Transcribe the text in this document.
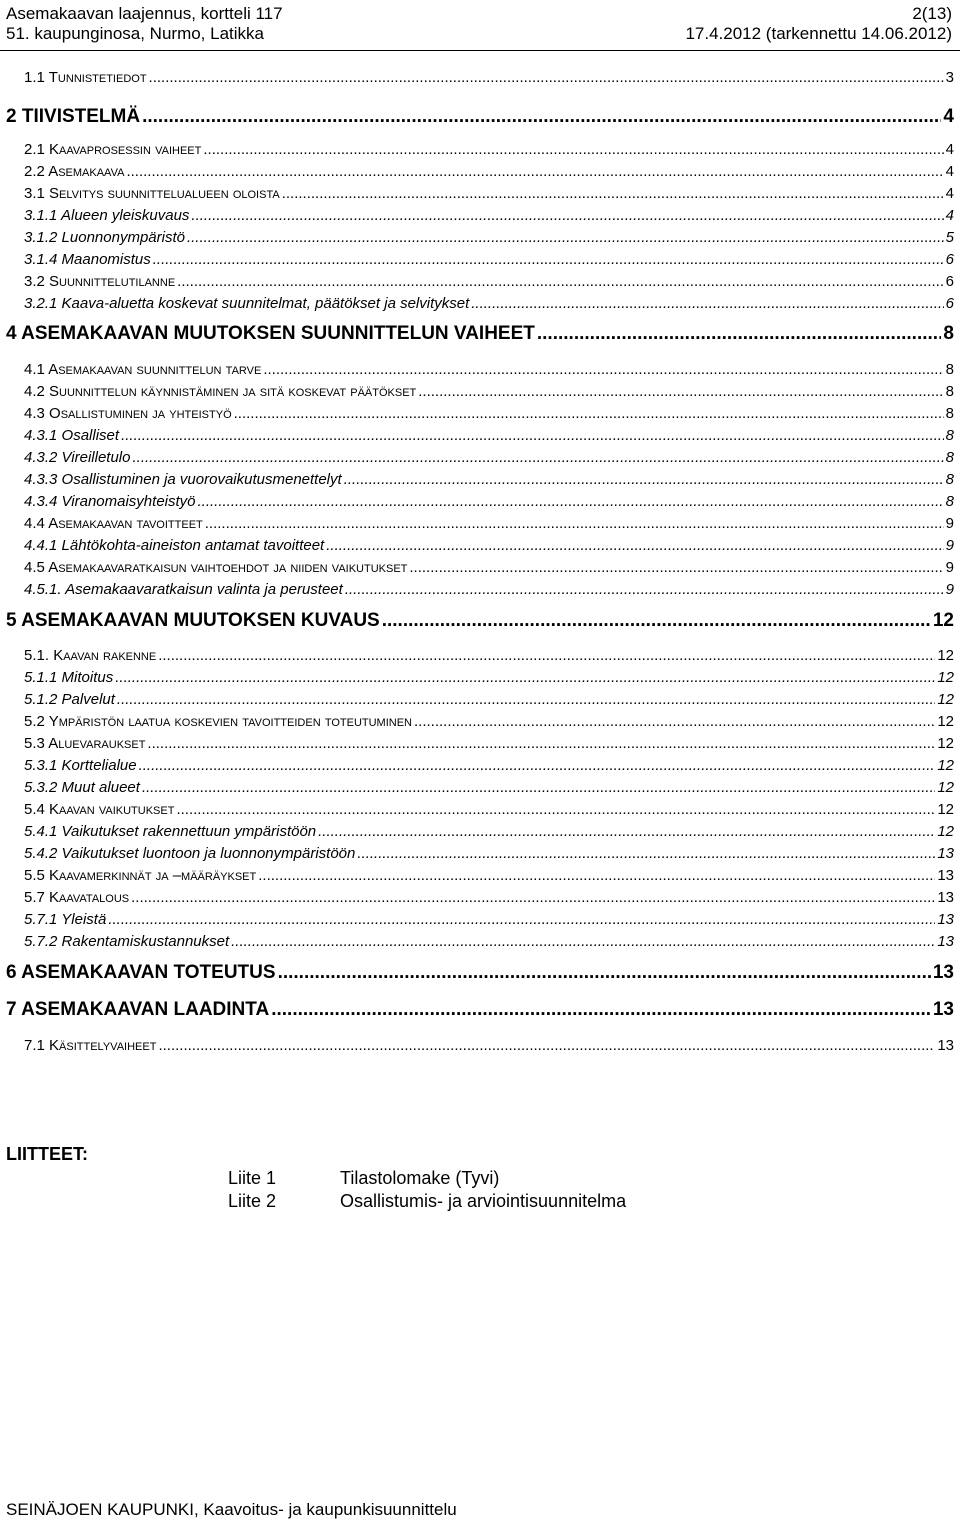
Asemakaavan laajennus, kortteli 117	2(13)
51. kaupunginosa, Nurmo, Latikka	17.4.2012 (tarkennettu 14.06.2012)
1.1 Tunnistetiedot .....	3
2 TIIVISTELMÄ .....	4
2.1 Kaavaprosessin vaiheet .....	4
2.2 Asemakaava .....	4
3.1 Selvitys suunnittelualueen oloista .....	4
3.1.1 Alueen yleiskuvaus .....	4
3.1.2 Luonnonympäristö .....	5
3.1.4 Maanomistus .....	6
3.2 Suunnittelutilanne .....	6
3.2.1 Kaava-aluetta koskevat suunnitelmat, päätökset ja selvitykset .....	6
4 ASEMAKAAVAN MUUTOKSEN SUUNNITTELUN VAIHEET .....	8
4.1 Asemakaavan suunnittelun tarve .....	8
4.2 Suunnittelun käynnistäminen ja sitä koskevat päätökset .....	8
4.3 Osallistuminen ja yhteistyö .....	8
4.3.1 Osalliset .....	8
4.3.2 Vireilletulo .....	8
4.3.3 Osallistuminen ja vuorovaikutusmenettelyt .....	8
4.3.4 Viranomaisyhteistyö .....	8
4.4 Asemakaavan tavoitteet .....	9
4.4.1 Lähtökohta-aineiston antamat tavoitteet .....	9
4.5 Asemakaavaratkaisun vaihtoehdot ja niiden vaikutukset .....	9
4.5.1. Asemakaavaratkaisun valinta ja perusteet .....	9
5 ASEMAKAAVAN MUUTOKSEN KUVAUS .....	12
5.1. Kaavan rakenne .....	12
5.1.1 Mitoitus .....	12
5.1.2 Palvelut .....	12
5.2 Ympäristön laatua koskevien tavoitteiden toteutuminen .....	12
5.3 Aluevaraukset .....	12
5.3.1 Korttelialue .....	12
5.3.2 Muut alueet .....	12
5.4 Kaavan vaikutukset .....	12
5.4.1 Vaikutukset rakennettuun ympäristöön .....	12
5.4.2 Vaikutukset luontoon ja luonnonympäristöön .....	13
5.5 Kaavamerkinnät ja –määräykset .....	13
5.7 Kaavatalous .....	13
5.7.1 Yleistä .....	13
5.7.2 Rakentamiskustannukset .....	13
6 ASEMAKAAVAN TOTEUTUS .....	13
7 ASEMAKAAVAN LAADINTA .....	13
7.1 Käsittelyvaiheet .....	13
LIITTEET:
Liite 1	Tilastolomake (Tyvi)
Liite 2	Osallistumis- ja arviointisuunnitelma
SEINÄJOEN KAUPUNKI, Kaavoitus- ja kaupunkisuunnittelu
